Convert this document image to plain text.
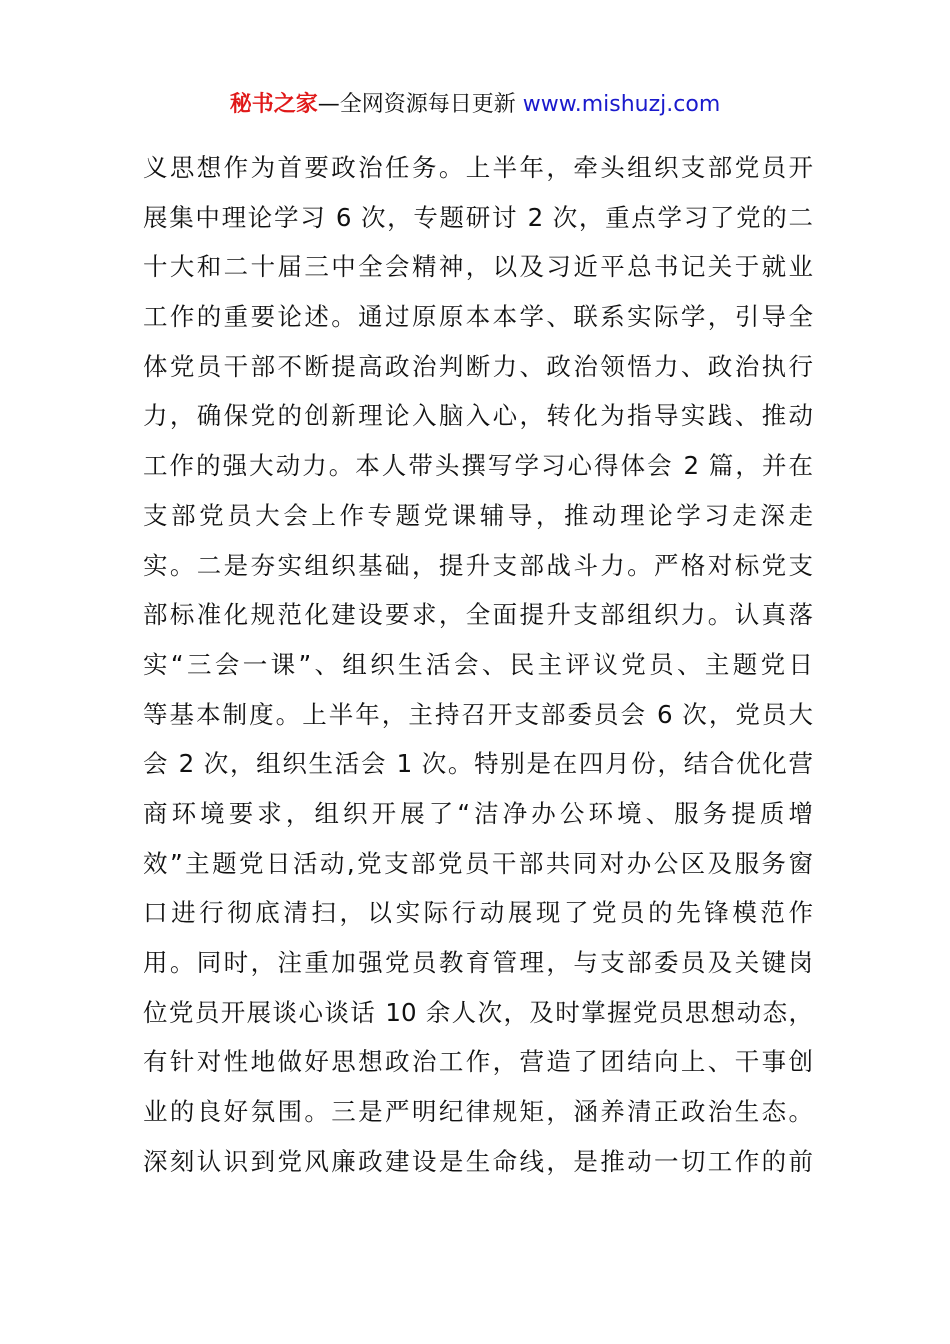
秘书之家—全网资源每日更新 www.mishuzj.com
义思想作为首要政治任务。上半年，牵头组织支部党员开
展集中理论学习 6 次，专题研讨 2 次，重点学习了党的二
十大和二十届三中全会精神，以及习近平总书记关于就业
工作的重要论述。通过原原本本学、联系实际学，引导全
体党员干部不断提高政治判断力、政治领悟力、政治执行
力，确保党的创新理论入脑入心，转化为指导实践、推动
工作的强大动力。本人带头撰写学习心得体会 2 篇，并在
支部党员大会上作专题党课辅导，推动理论学习走深走
实。二是夯实组织基础，提升支部战斗力。严格对标党支
部标准化规范化建设要求，全面提升支部组织力。认真落
实“三会一课”、组织生活会、民主评议党员、主题党日
等基本制度。上半年，主持召开支部委员会 6 次，党员大
会 2 次，组织生活会 1 次。特别是在四月份，结合优化营
商环境要求，组织开展了“洁净办公环境、服务提质增
效”主题党日活动,党支部党员干部共同对办公区及服务窗
口进行彻底清扫，以实际行动展现了党员的先锋模范作
用。同时，注重加强党员教育管理，与支部委员及关键岗
位党员开展谈心谈话 10 余人次，及时掌握党员思想动态，
有针对性地做好思想政治工作，营造了团结向上、干事创
业的良好氛围。三是严明纪律规矩，涵养清正政治生态。
深刻认识到党风廉政建设是生命线，是推动一切工作的前
